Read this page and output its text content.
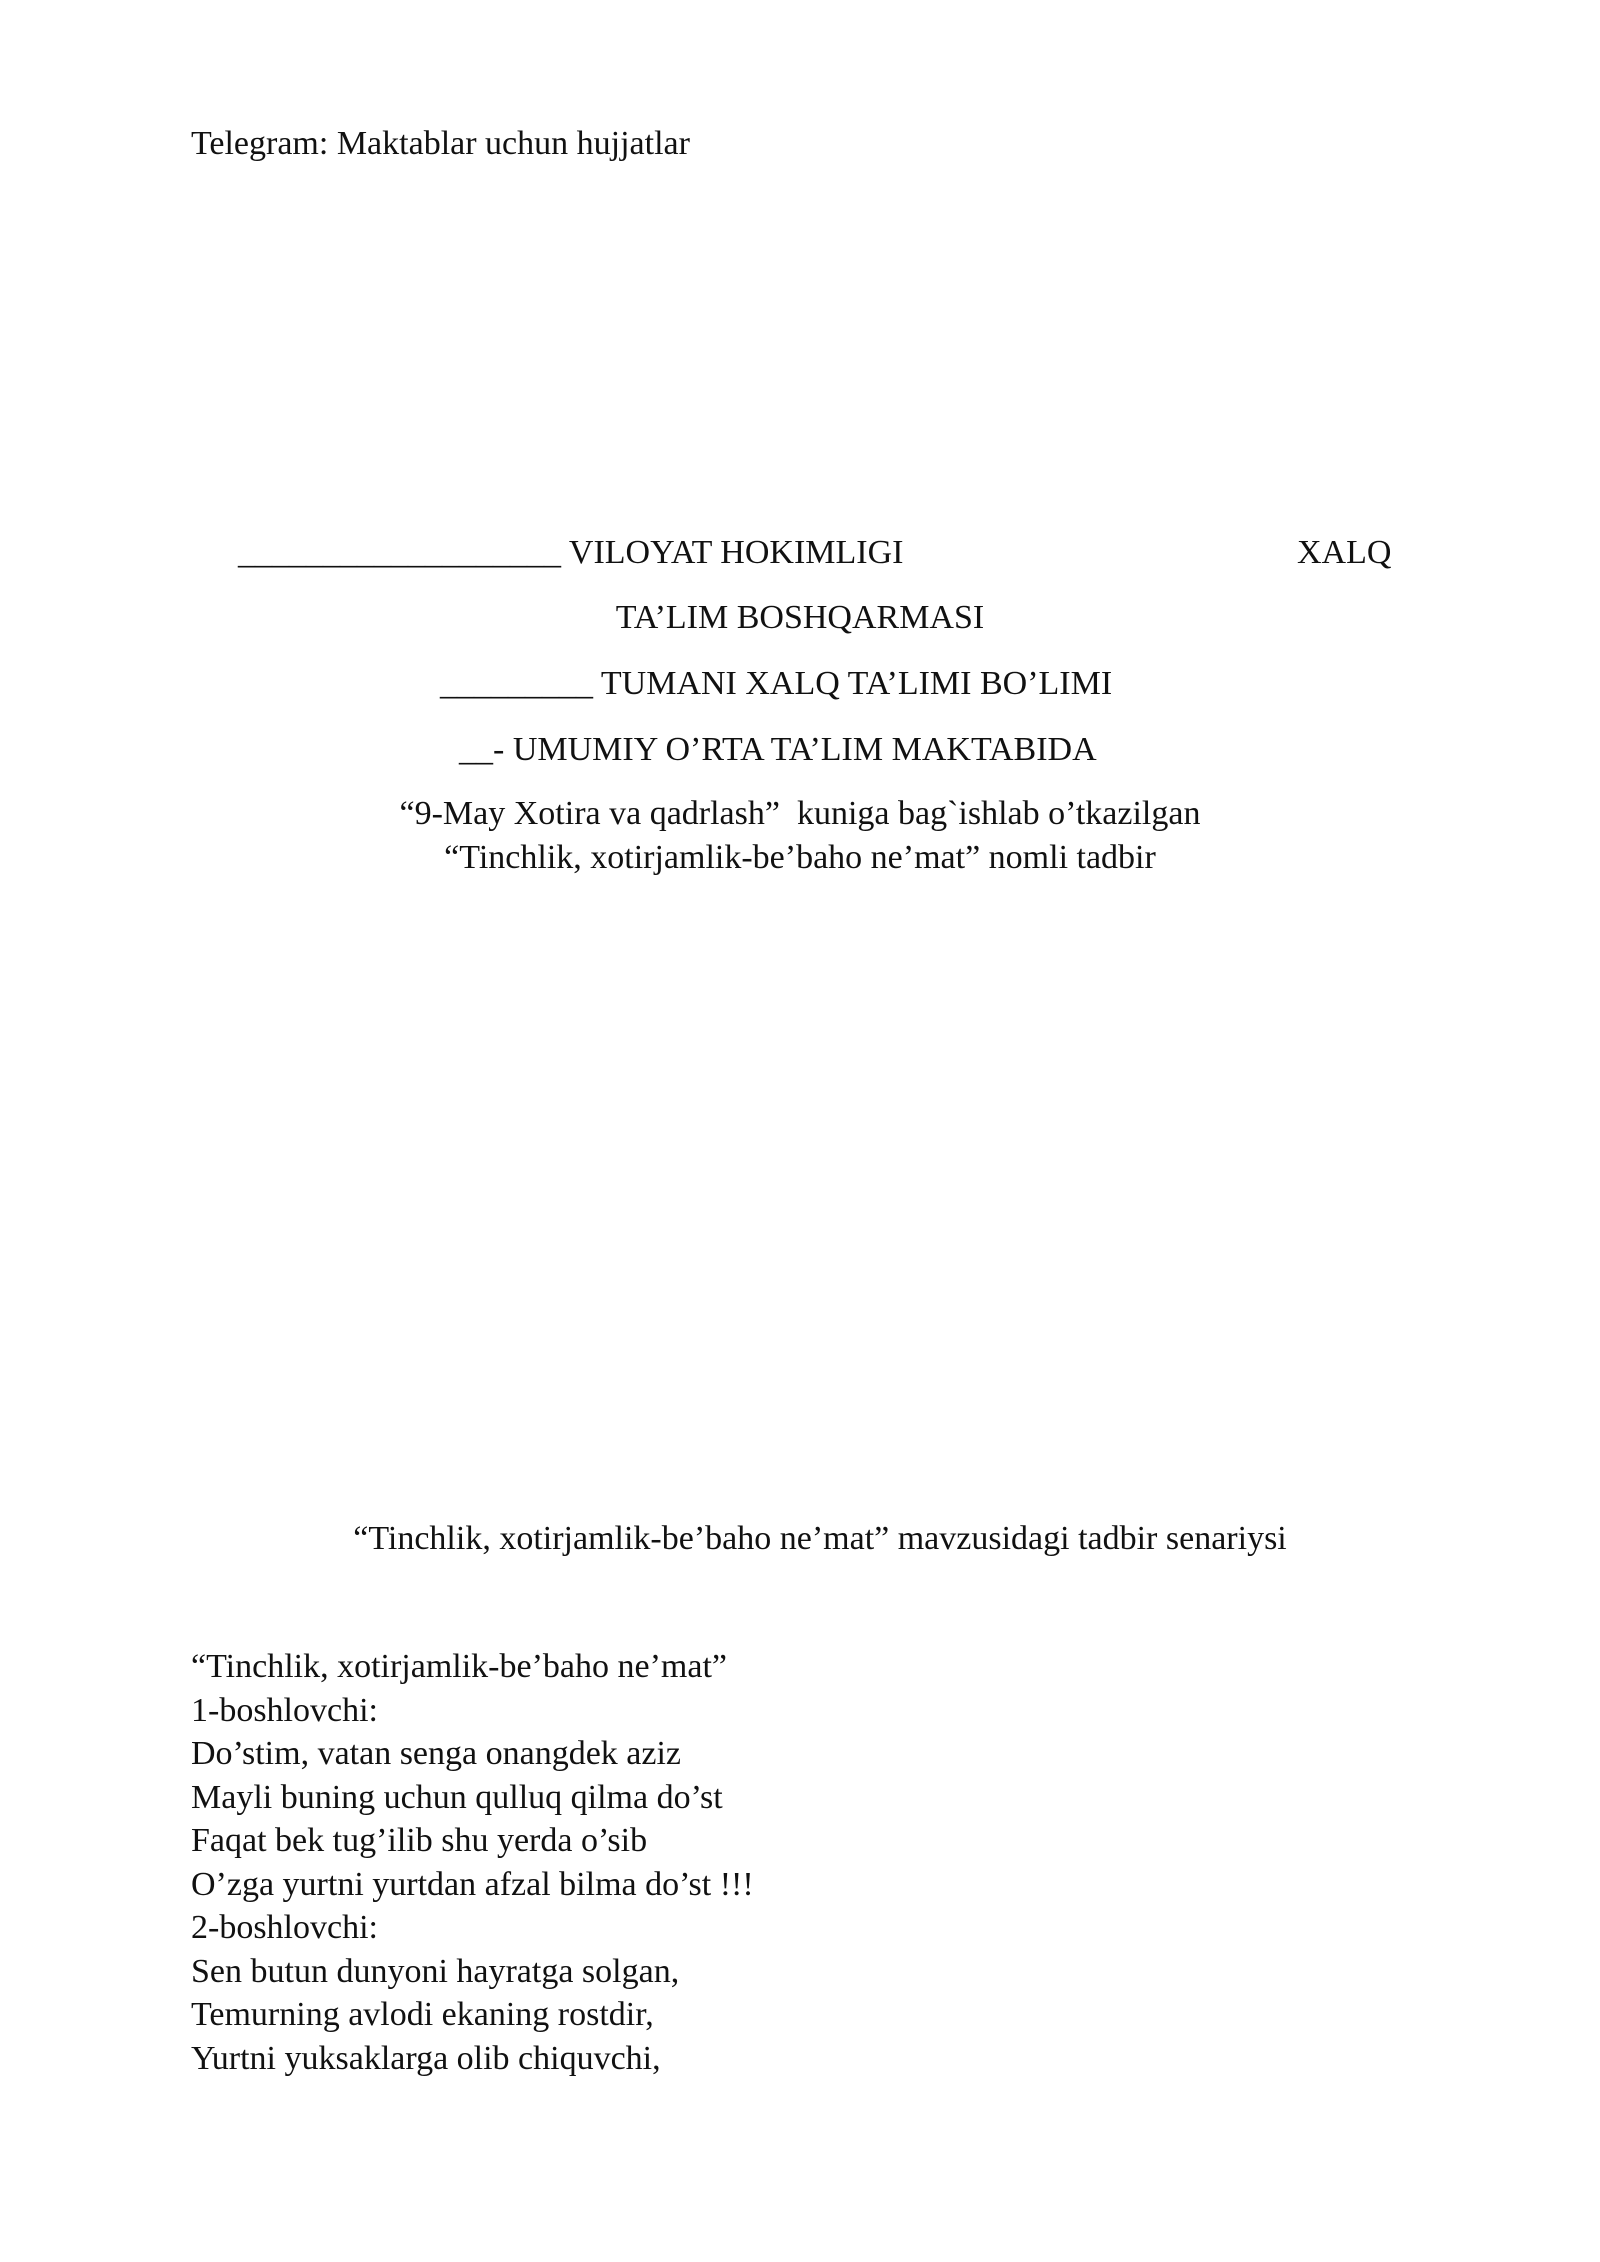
Telegram: Maktablar uchun hujjatlar
___________________ VILOYAT HOKIMLIGI	XALQ
TA’LIM BOSHQARMASI
_________ TUMANI XALQ TA’LIMI BO’LIMI
__- UMUMIY O’RTA TA’LIM MAKTABIDA
“9-May Xotira va qadrlash”  kuniga bag`ishlab o’tkazilgan
“Tinchlik, xotirjamlik-be’baho ne’mat” nomli tadbir
“Tinchlik, xotirjamlik-be’baho ne’mat” mavzusidagi tadbir senariysi
“Tinchlik, xotirjamlik-be’baho ne’mat”
1-boshlovchi:
Do’stim, vatan senga onangdek aziz
Mayli buning uchun qulluq qilma do’st
Faqat bek tug’ilib shu yerda o’sib
O’zga yurtni yurtdan afzal bilma do’st !!!
2-boshlovchi:
Sen butun dunyoni hayratga solgan,
Temurning avlodi ekaning rostdir,
Yurtni yuksaklarga olib chiquvchi,
